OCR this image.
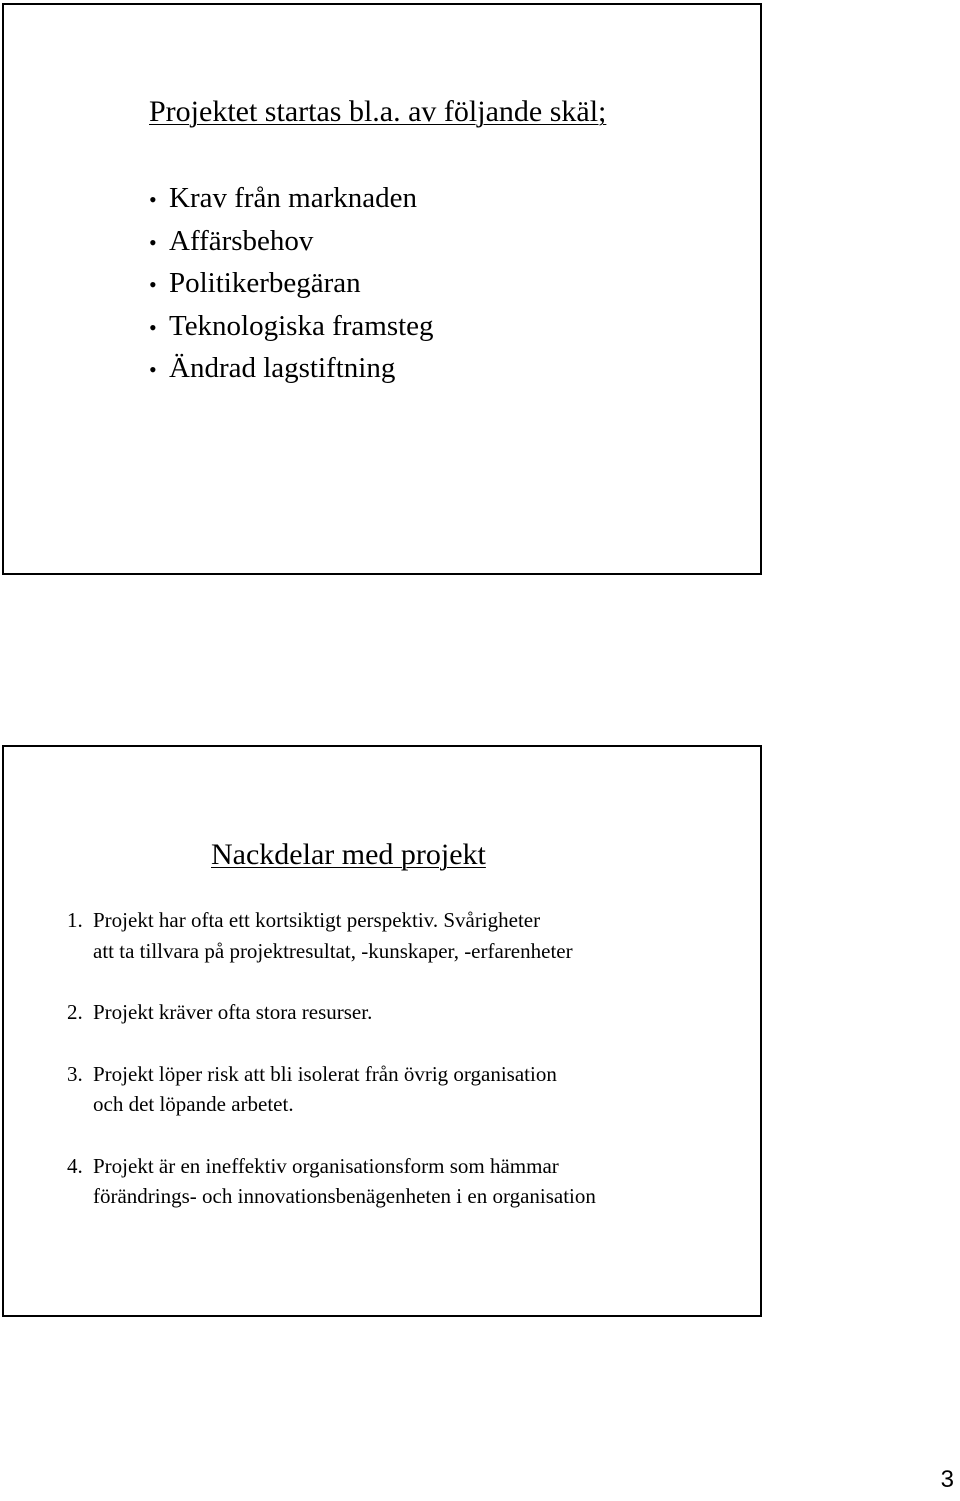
Projektet startas bl.a. av följande skäl;
• Krav från marknaden
• Affärsbehov
• Politikerbegäran
• Teknologiska framsteg
• Ändrad lagstiftning
Nackdelar med projekt
1. Projekt har ofta ett kortsiktigt perspektiv. Svårigheter
att ta tillvara på projektresultat, -kunskaper, -erfarenheter
2. Projekt kräver ofta stora resurser.
3. Projekt löper risk att bli isolerat från övrig organisation
och det löpande arbetet.
4. Projekt är en ineffektiv organisationsform som hämmar
förändrings- och innovationsbenägenheten i en organisation
3
